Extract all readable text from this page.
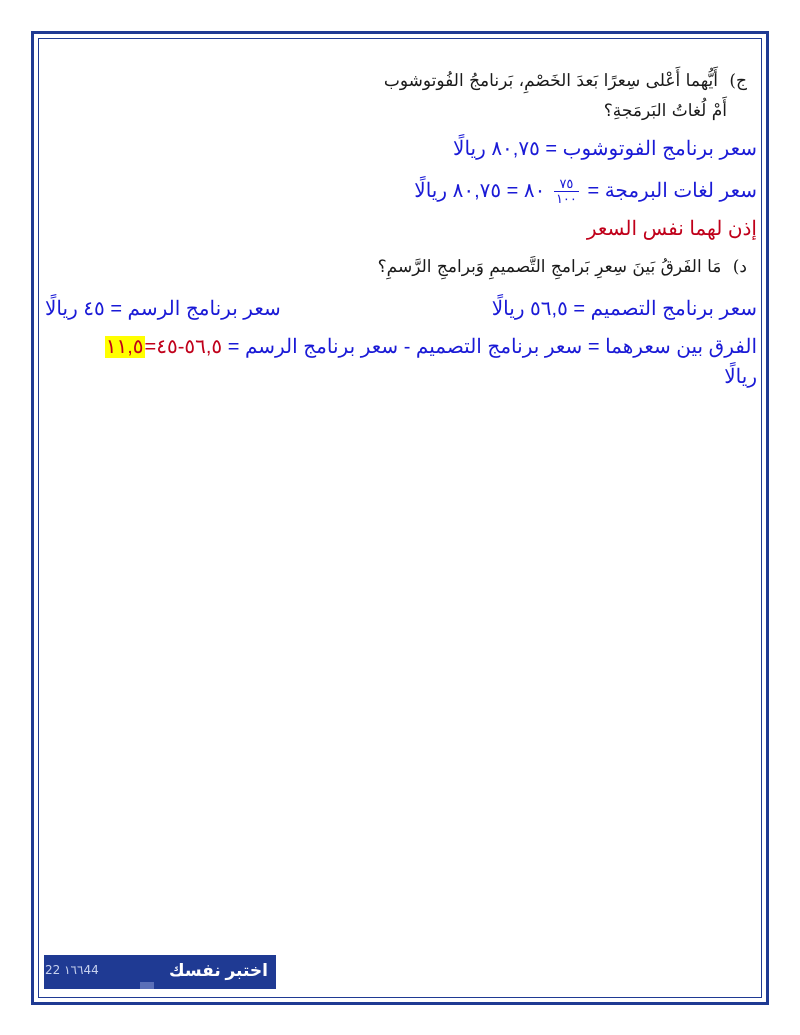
ج) أَيُّهما أَعْلى سِعرًا بَعدَ الخَصْمِ، بَرنامجُ الفُوتوشوب
أَمْ لُغاتُ البَرمَجةِ؟
سعر برنامج الفوتوشوب = ٨٠,٧٥ ريالًا
سعر لغات البرمجة =
$\frac{٧٥}{١٠٠}$
٨٠ = ٨٠,٧٥ ريالًا
إذن لهما نفس السعر
د) مَا الفَرقُ بَينَ سِعرِ بَرامجِ التَّصميمِ وَبرامجِ الرَّسمِ؟
سعر برنامج التصميم = ٥٦,٥ ريالًا
سعر برنامج الرسم = ٤٥ ريالًا
الفرق بين سعرهما = سعر برنامج التصميم - سعر برنامج الرسم = ٥٦,٥-٤٥=١١,٥
ريالًا
22 ١٦٦44	اختبر نفسك
